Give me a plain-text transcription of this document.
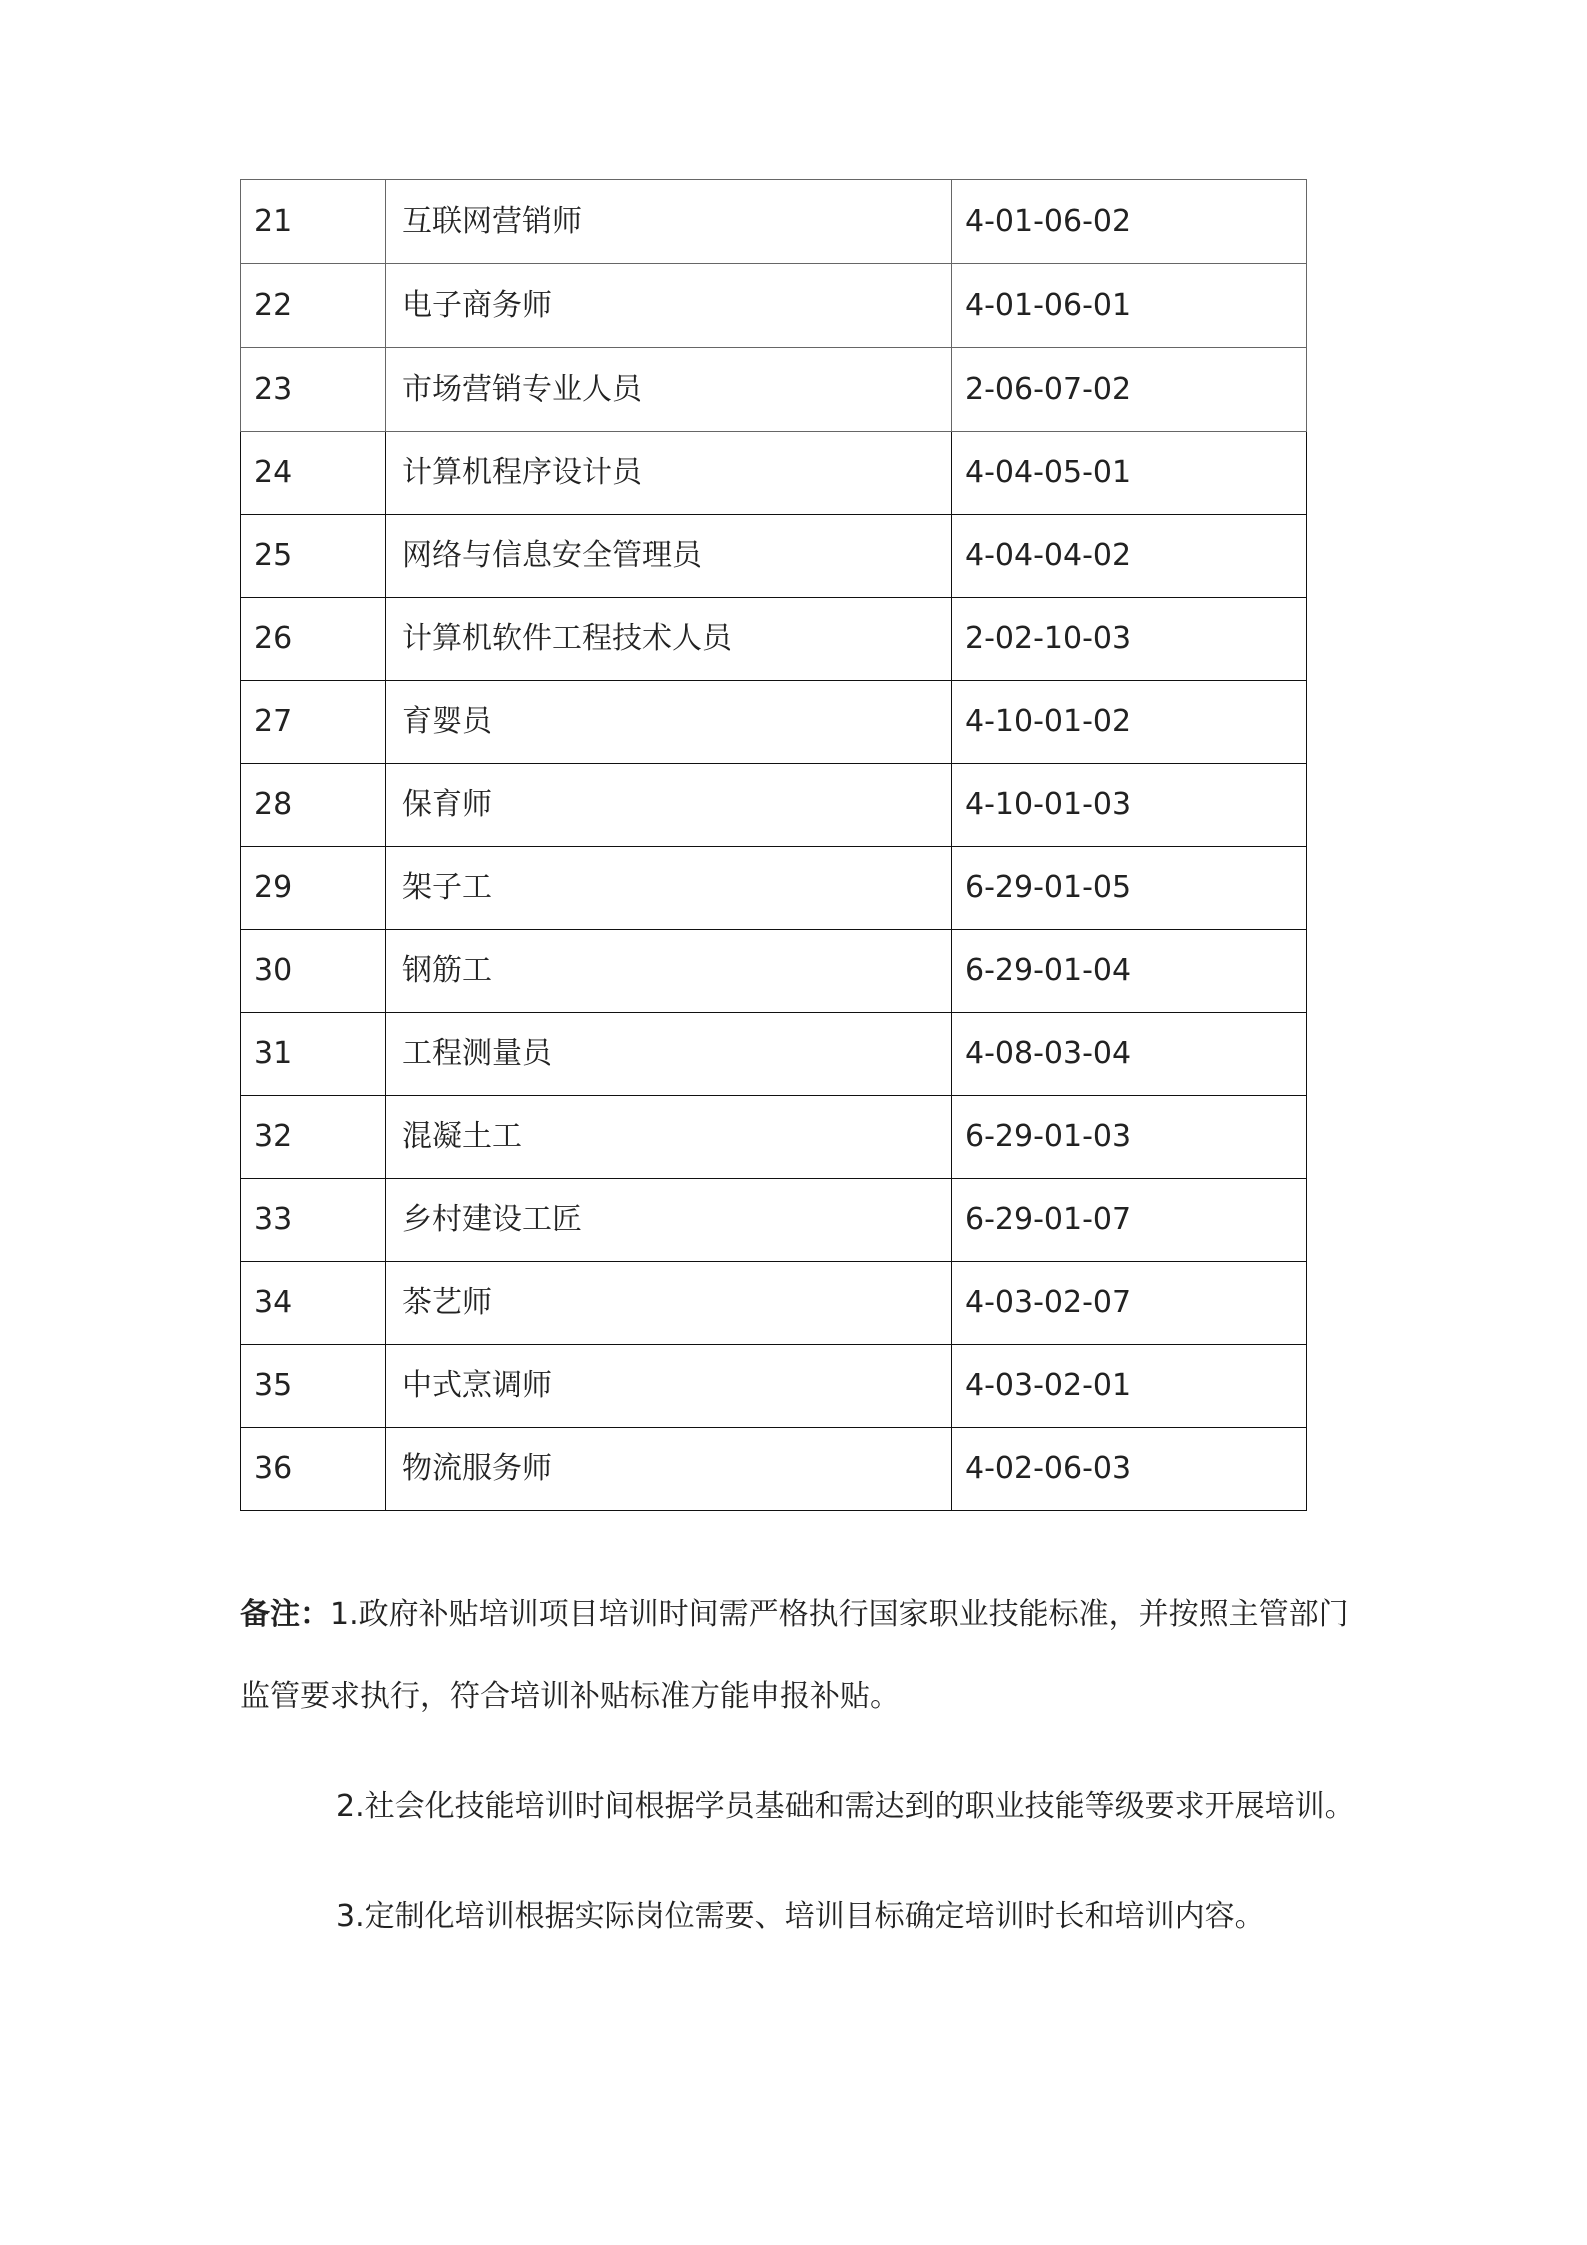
21	互联网营销师	4-01-06-02
22	电子商务师	4-01-06-01
23	市场营销专业人员	2-06-07-02
24	计算机程序设计员	4-04-05-01
25	网络与信息安全管理员	4-04-04-02
26	计算机软件工程技术人员	2-02-10-03
27	育婴员	4-10-01-02
28	保育师	4-10-01-03
29	架子工	6-29-01-05
30	钢筋工	6-29-01-04
31	工程测量员	4-08-03-04
32	混凝土工	6-29-01-03
33	乡村建设工匠	6-29-01-07
34	茶艺师	4-03-02-07
35	中式烹调师	4-03-02-01
36	物流服务师	4-02-06-03

备注：1.政府补贴培训项目培训时间需严格执行国家职业技能标准，并按照主管部门监管要求执行，符合培训补贴标准方能申报补贴。

2.社会化技能培训时间根据学员基础和需达到的职业技能等级要求开展培训。

3.定制化培训根据实际岗位需要、培训目标确定培训时长和培训内容。
